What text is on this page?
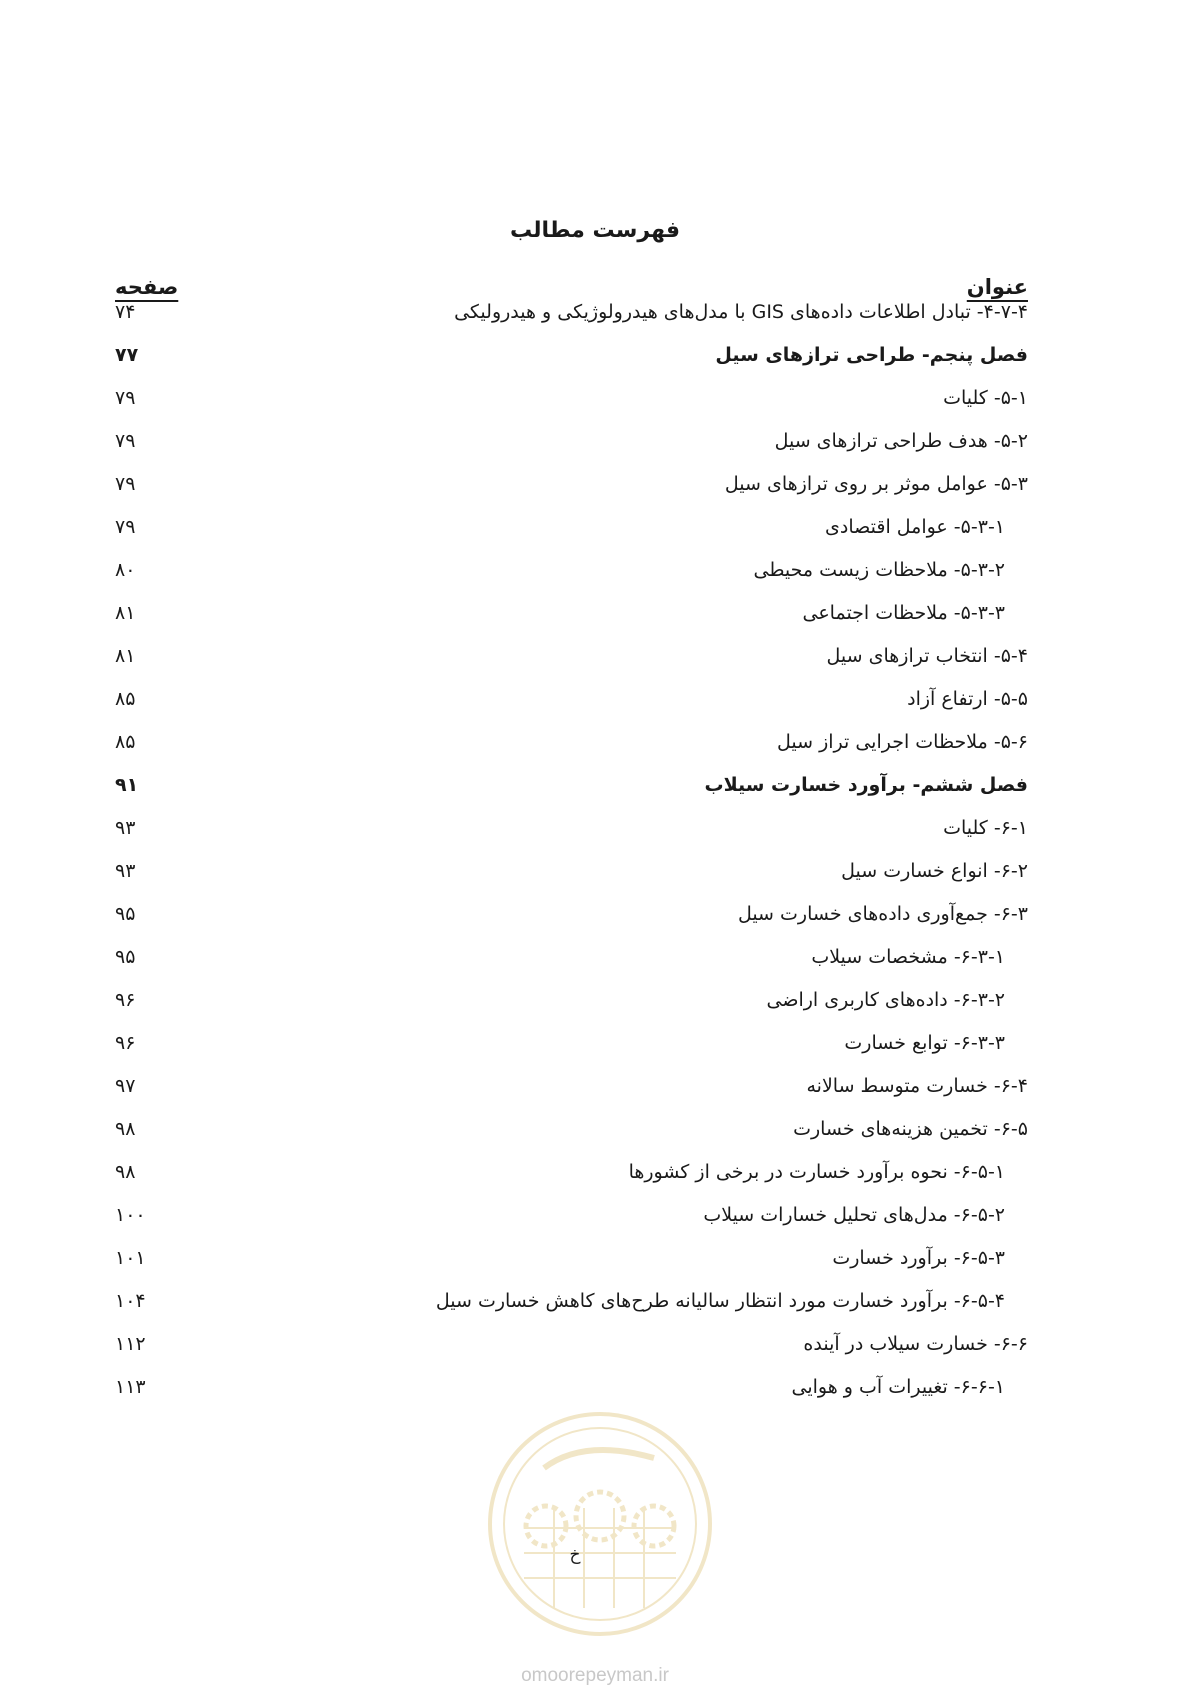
فهرست مطالب
عنوان
صفحه
۴-۷-۴- تبادل اطلاعات داده‌های GIS با مدل‌های هیدرولوژیکی و هیدرولیکی
۷۴
فصل پنجم- طراحی ترازهای سیل
۷۷
۵-۱- کلیات
۷۹
۵-۲- هدف طراحی ترازهای سیل
۷۹
۵-۳- عوامل موثر بر روی ترازهای سیل
۷۹
۵-۳-۱- عوامل اقتصادی
۷۹
۵-۳-۲- ملاحظات زیست محیطی
۸۰
۵-۳-۳- ملاحظات اجتماعی
۸۱
۵-۴- انتخاب ترازهای سیل
۸۱
۵-۵- ارتفاع آزاد
۸۵
۵-۶- ملاحظات اجرایی تراز سیل
۸۵
فصل ششم- برآورد خسارت سیلاب
۹۱
۶-۱- کلیات
۹۳
۶-۲- انواع خسارت سیل
۹۳
۶-۳- جمع‌آوری داده‌های خسارت سیل
۹۵
۶-۳-۱- مشخصات سیلاب
۹۵
۶-۳-۲- داده‌های کاربری اراضی
۹۶
۶-۳-۳- توابع خسارت
۹۶
۶-۴- خسارت متوسط سالانه
۹۷
۶-۵- تخمین هزینه‌های خسارت
۹۸
۶-۵-۱- نحوه برآورد خسارت در برخی از کشورها
۹۸
۶-۵-۲- مدل‌های تحلیل خسارات سیلاب
۱۰۰
۶-۵-۳- برآورد خسارت
۱۰۱
۶-۵-۴- برآورد خسارت مورد انتظار سالیانه طرح‌های کاهش خسارت سیل
۱۰۴
۶-۶- خسارت سیلاب در آینده
۱۱۲
۶-۶-۱- تغییرات آب و هوایی
۱۱۳
خ
omoorepeyman.ir
